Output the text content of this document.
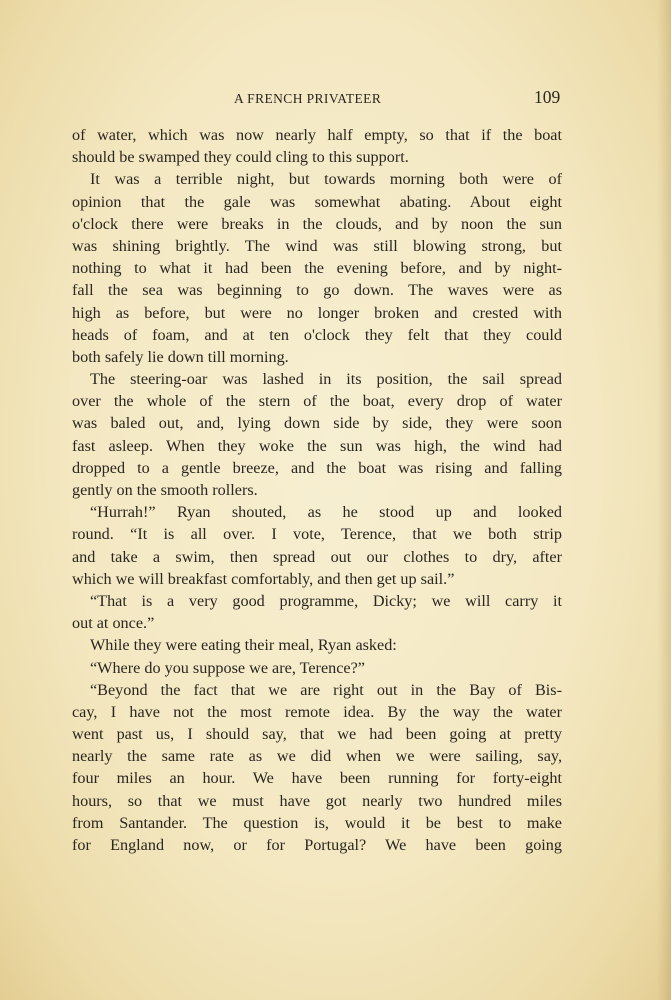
A FRENCH PRIVATEER	109
of water, which was now nearly half empty, so that if the boat
should be swamped they could cling to this support.
It was a terrible night, but towards morning both were of
opinion that the gale was somewhat abating. About eight
o'clock there were breaks in the clouds, and by noon the sun
was shining brightly. The wind was still blowing strong, but
nothing to what it had been the evening before, and by night-
fall the sea was beginning to go down. The waves were as
high as before, but were no longer broken and crested with
heads of foam, and at ten o'clock they felt that they could
both safely lie down till morning.
The steering-oar was lashed in its position, the sail spread
over the whole of the stern of the boat, every drop of water
was baled out, and, lying down side by side, they were soon
fast asleep. When they woke the sun was high, the wind had
dropped to a gentle breeze, and the boat was rising and falling
gently on the smooth rollers.
“Hurrah!” Ryan shouted, as he stood up and looked
round. “It is all over. I vote, Terence, that we both strip
and take a swim, then spread out our clothes to dry, after
which we will breakfast comfortably, and then get up sail.”
“That is a very good programme, Dicky; we will carry it
out at once.”
While they were eating their meal, Ryan asked:
“Where do you suppose we are, Terence?”
“Beyond the fact that we are right out in the Bay of Bis-
cay, I have not the most remote idea. By the way the water
went past us, I should say, that we had been going at pretty
nearly the same rate as we did when we were sailing, say,
four miles an hour. We have been running for forty-eight
hours, so that we must have got nearly two hundred miles
from Santander. The question is, would it be best to make
for England now, or for Portugal? We have been going
